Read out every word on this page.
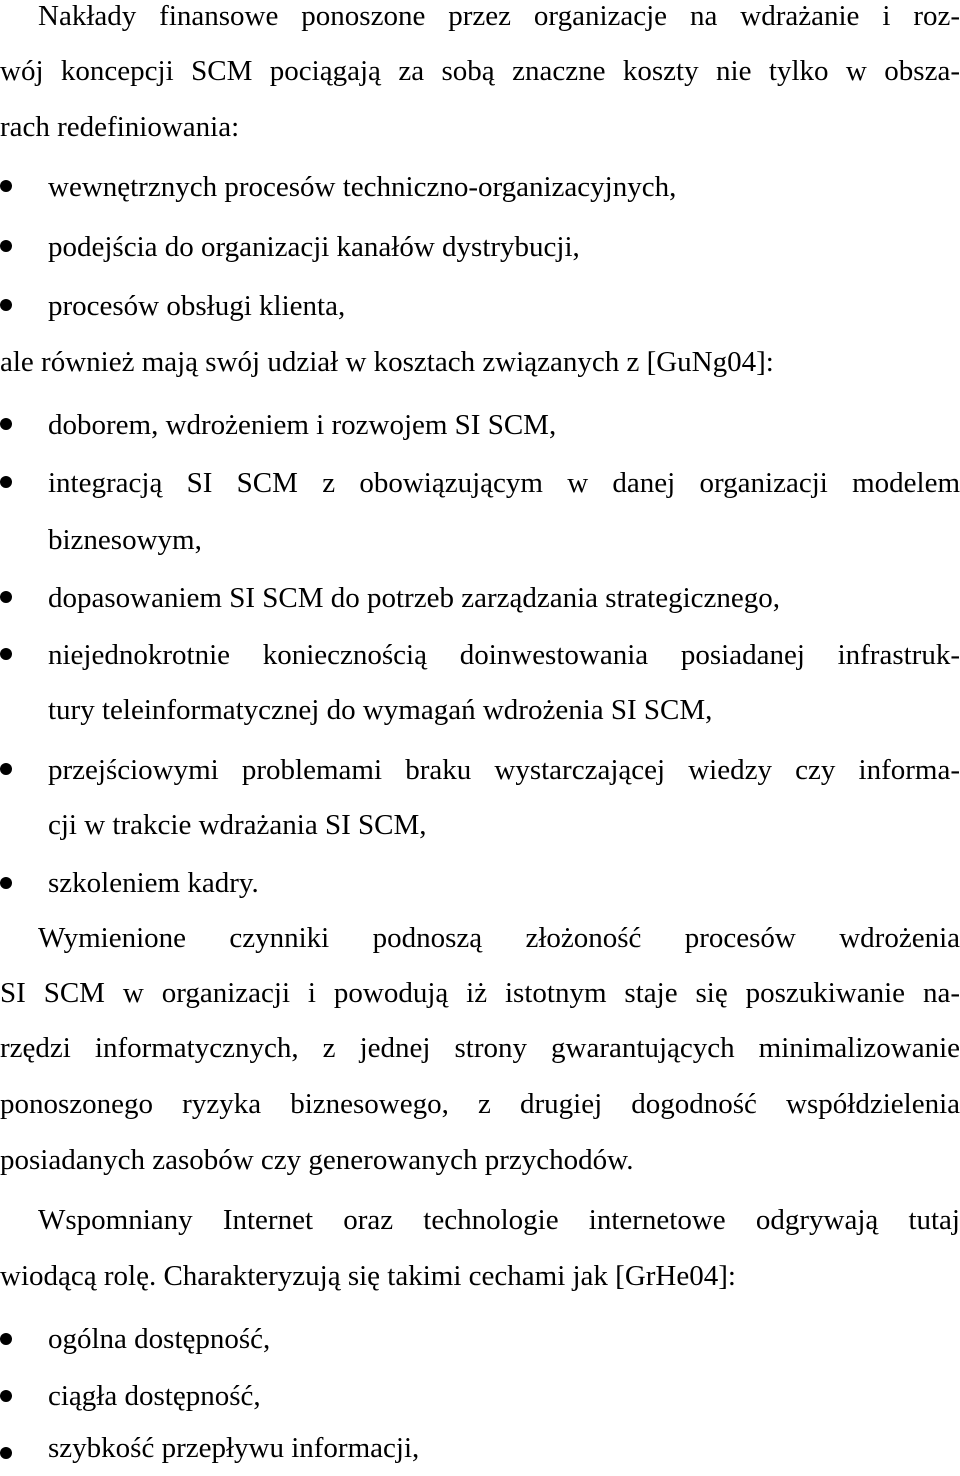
Nakłady finansowe ponoszone przez organizacje na wdrażanie i roz-
wój koncepcji SCM pociągają za sobą znaczne koszty nie tylko w obsza-
rach redefiniowania:
wewnętrznych procesów techniczno-organizacyjnych,
podejścia do organizacji kanałów dystrybucji,
procesów obsługi klienta,
ale również mają swój udział w kosztach związanych z [GuNg04]:
doborem, wdrożeniem i rozwojem SI SCM,
integracją SI SCM z obowiązującym w danej organizacji modelem
biznesowym,
dopasowaniem SI SCM do potrzeb zarządzania strategicznego,
niejednokrotnie koniecznością doinwestowania posiadanej infrastruk-
tury teleinformatycznej do wymagań wdrożenia SI SCM,
przejściowymi problemami braku wystarczającej wiedzy czy informa-
cji w trakcie wdrażania SI SCM,
szkoleniem kadry.
Wymienione czynniki podnoszą złożoność procesów wdrożenia
SI SCM w organizacji i powodują iż istotnym staje się poszukiwanie na-
rzędzi informatycznych, z jednej strony gwarantujących minimalizowanie
ponoszonego ryzyka biznesowego, z drugiej dogodność współdzielenia
posiadanych zasobów czy generowanych przychodów.
Wspomniany Internet oraz technologie internetowe odgrywają tutaj
wiodącą rolę. Charakteryzują się takimi cechami jak [GrHe04]:
ogólna dostępność,
ciągła dostępność,
szybkość przepływu informacji,
